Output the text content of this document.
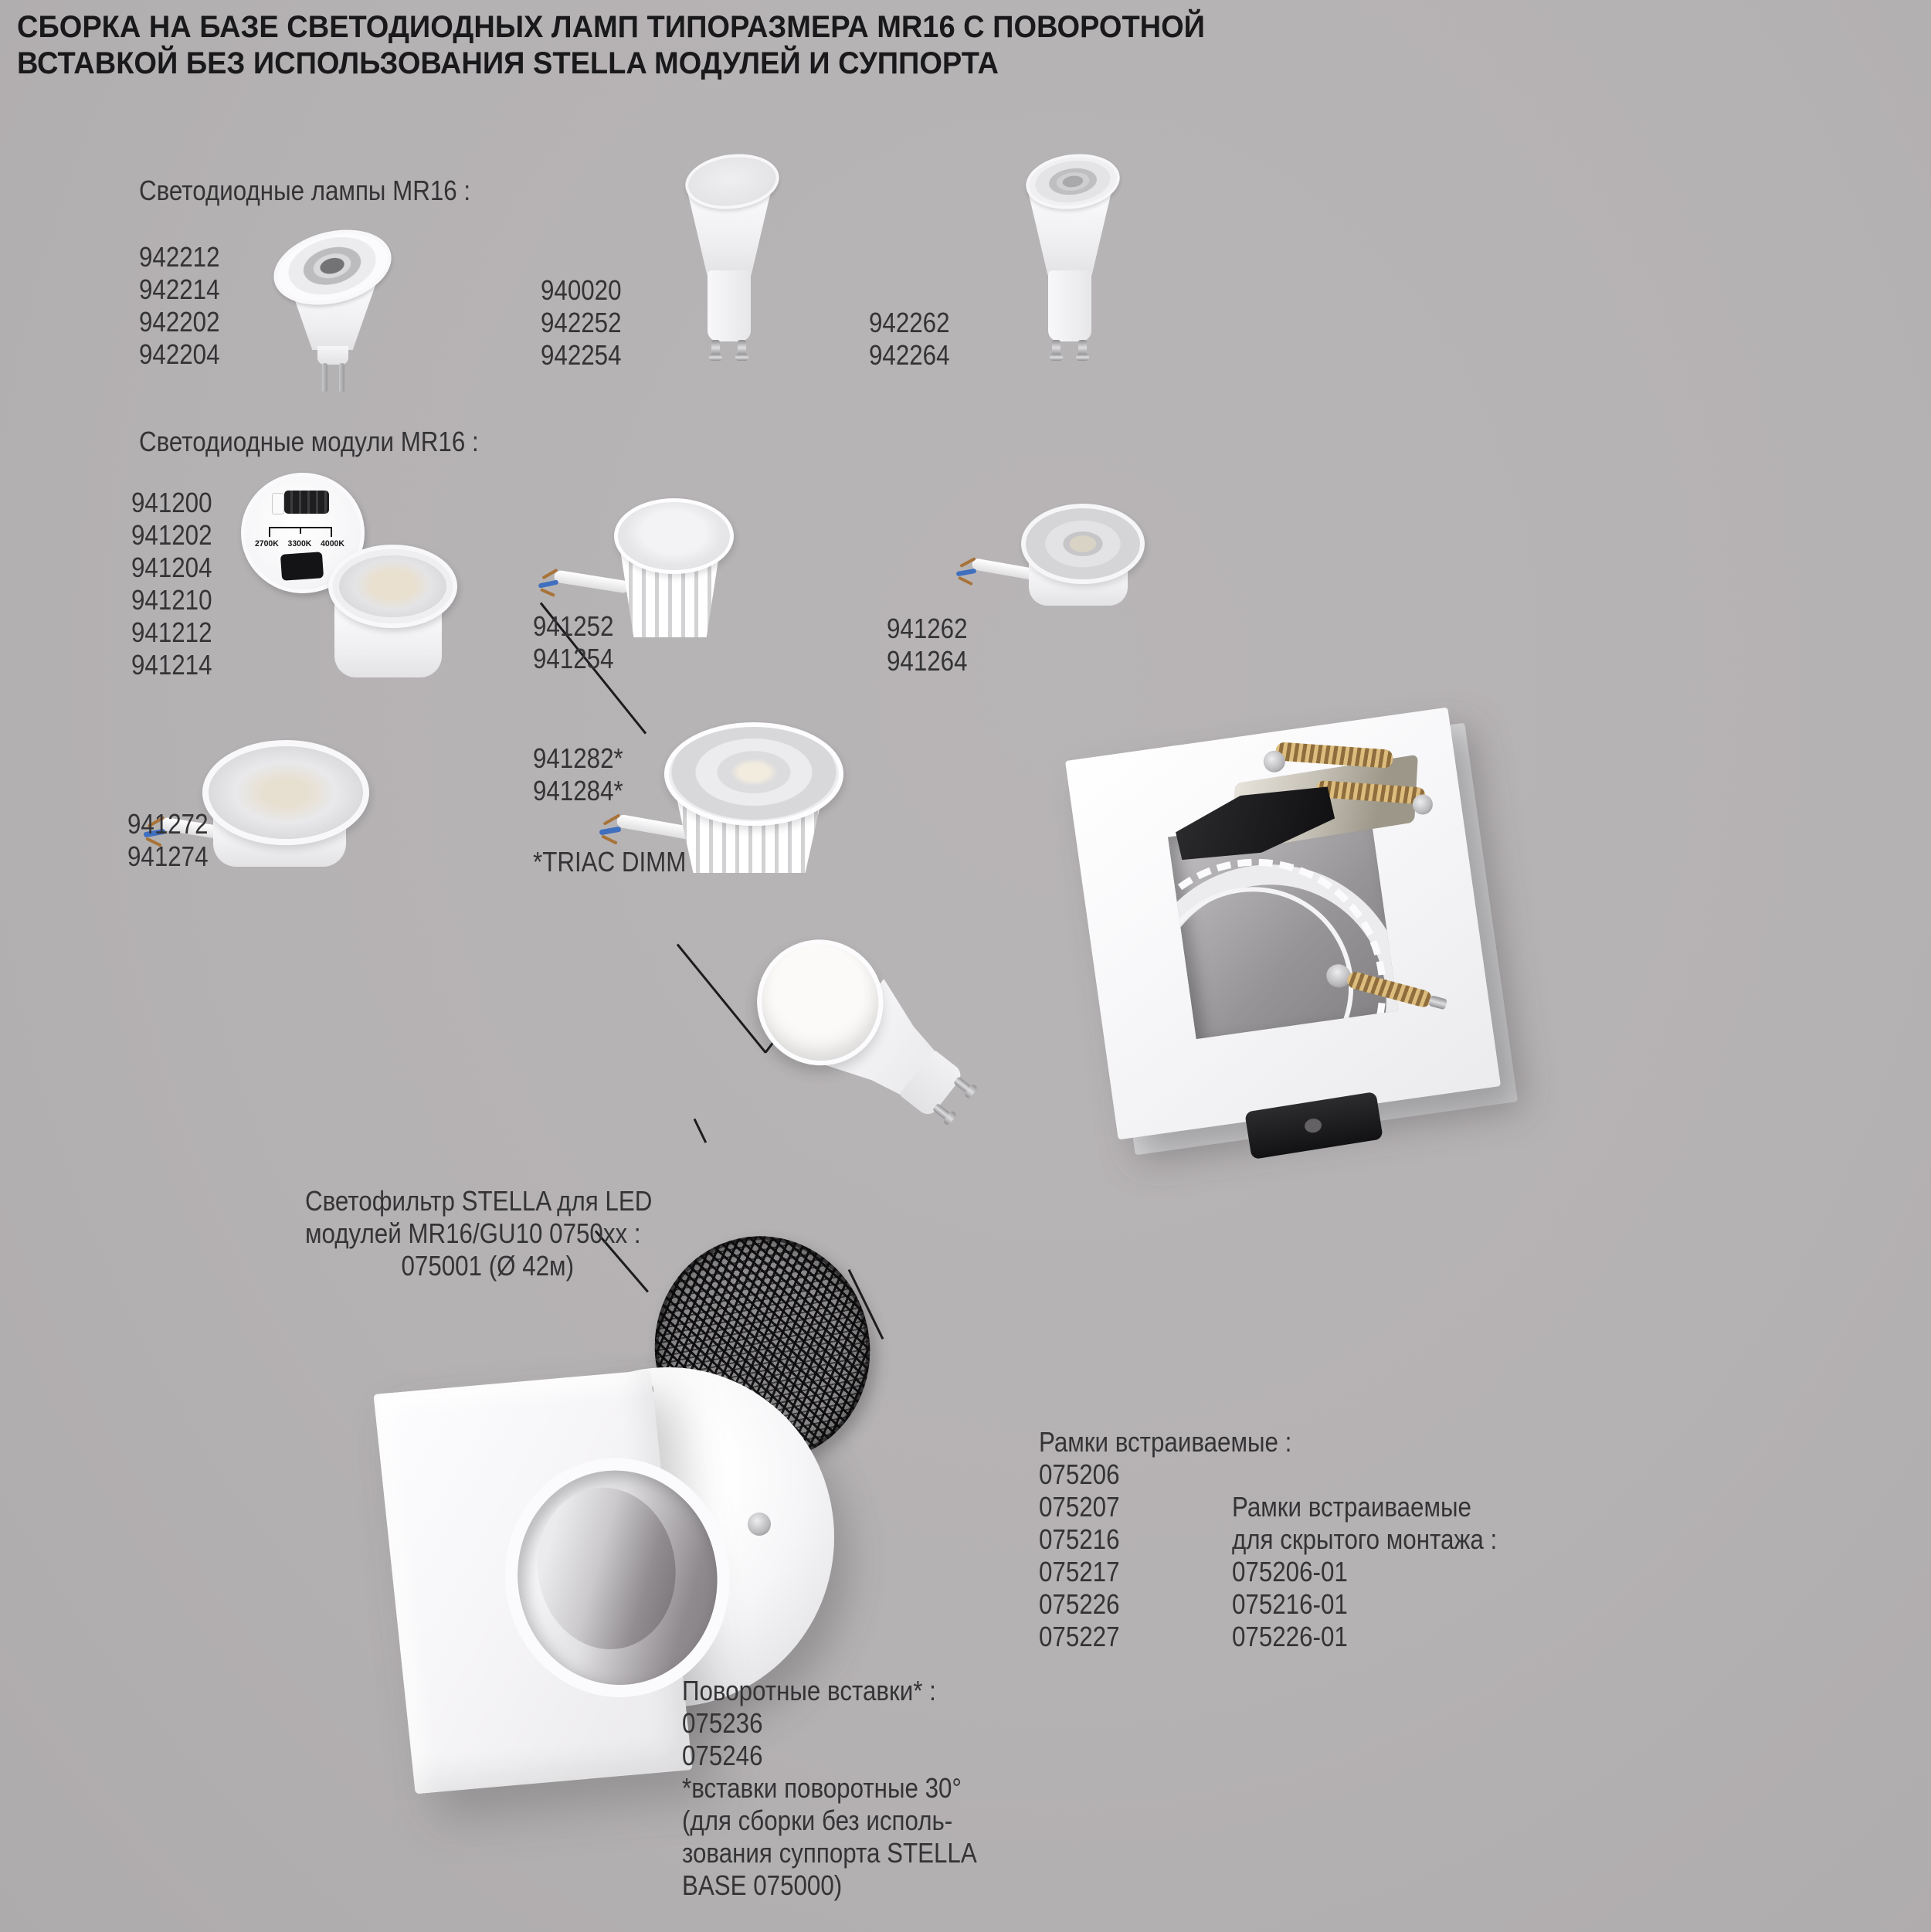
2700K 3300K 4000K
СБОРКА НА БАЗЕ СВЕТОДИОДНЫХ ЛАМП ТИПОРАЗМЕРА MR16 С ПОВОРОТНОЙ
ВСТАВКОЙ БЕЗ ИСПОЛЬЗОВАНИЯ STELLA МОДУЛЕЙ И СУППОРТА
Светодиодные лампы MR16 :
942212
942214
942202
942204
940020
942252
942254
942262
942264
Светодиодные модули MR16 :
941200
941202
941204
941210
941212
941214
941252
941254
941262
941264
941272
941274
941282*
941284*
*TRIAC DIMM
Светофильтр STELLA для LED
модулей MR16/GU10 0750xx :
075001 (Ø 42м)
Рамки встраиваемые :
075206
075207
075216
075217
075226
075227
Рамки встраиваемые
для скрытого монтажа :
075206-01
075216-01
075226-01
Поворотные вставки* :
075236
075246
*вставки поворотные 30°
(для сборки без исполь-
зования суппорта STELLA
BASE 075000)
